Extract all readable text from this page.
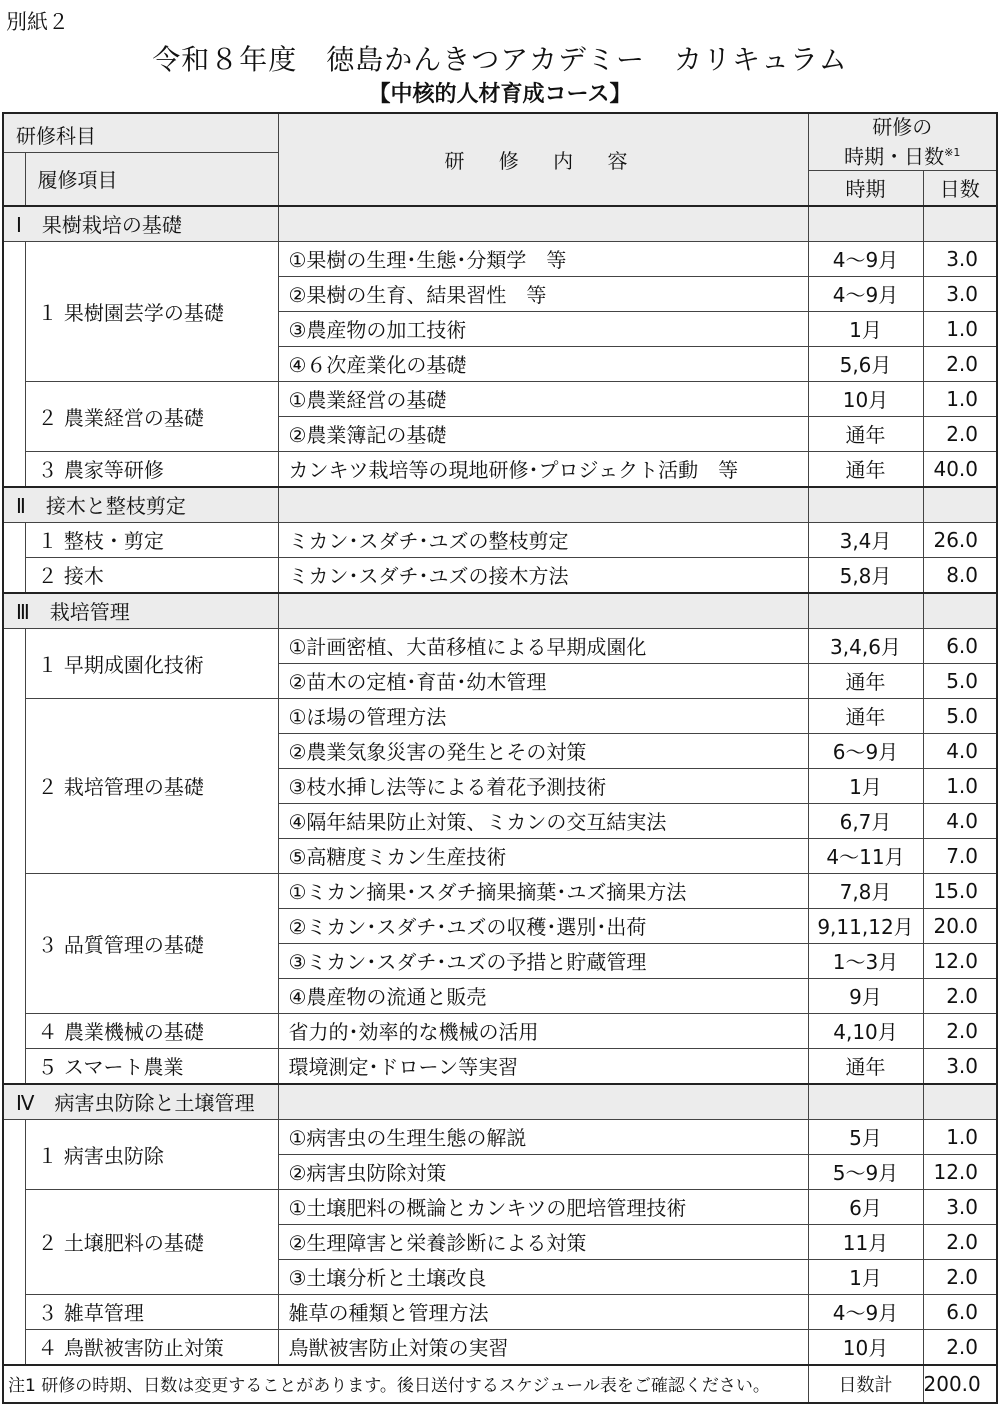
別紙２
令和８年度　徳島かんきつアカデミー　カリキュラム
【中核的人材育成コース】
研修科目		研 修 内 容	研修の
時期・日数$^{※1}$

	履修項目			
			時期	日数
Ⅰ　果樹栽培の基礎				
	１ 果樹園芸学の基礎	①果樹の生理･生態･分類学　等	4～9月	3.0
		②果樹の生育、結果習性　等	4～9月	3.0
		③農産物の加工技術	1月	1.0
		④６次産業化の基礎	5,6月	2.0
	２ 農業経営の基礎	①農業経営の基礎	10月	1.0
		②農業簿記の基礎	通年	2.0
	３ 農家等研修	カンキツ栽培等の現地研修･プロジェクト活動　等	通年	40.0
Ⅱ　接木と整枝剪定				
	１ 整枝・剪定	ミカン･スダチ･ユズの整枝剪定	3,4月	26.0
	２ 接木	ミカン･スダチ･ユズの接木方法	5,8月	8.0
Ⅲ　栽培管理				
	１ 早期成園化技術	①計画密植、大苗移植による早期成園化	3,4,6月	6.0
		②苗木の定植･育苗･幼木管理	通年	5.0
	２ 栽培管理の基礎	①ほ場の管理方法	通年	5.0
		②農業気象災害の発生とその対策	6～9月	4.0
		③枝水挿し法等による着花予測技術	1月	1.0
		④隔年結果防止対策、ミカンの交互結実法	6,7月	4.0
		⑤高糖度ミカン生産技術	4～11月	7.0
	３ 品質管理の基礎	①ミカン摘果･スダチ摘果摘葉･ユズ摘果方法	7,8月	15.0
		②ミカン･スダチ･ユズの収穫･選別･出荷	9,11,12月	20.0
		③ミカン･スダチ･ユズの予措と貯蔵管理	1～3月	12.0
		④農産物の流通と販売	9月	2.0
	４ 農業機械の基礎	省力的･効率的な機械の活用	4,10月	2.0
	５ スマート農業	環境測定･ドローン等実習	通年	3.0
Ⅳ　病害虫防除と土壌管理				
	１ 病害虫防除	①病害虫の生理生態の解説	5月	1.0
		②病害虫防除対策	5～9月	12.0
	２ 土壌肥料の基礎	①土壌肥料の概論とカンキツの肥培管理技術	6月	3.0
		②生理障害と栄養診断による対策	11月	2.0
		③土壌分析と土壌改良	1月	2.0
	３ 雑草管理	雑草の種類と管理方法	4～9月	6.0
	４ 鳥獣被害防止対策	鳥獣被害防止対策の実習	10月	2.0
注1 研修の時期、日数は変更することがあります。後日送付するスケジュール表をご確認ください。			日数計	200.0
